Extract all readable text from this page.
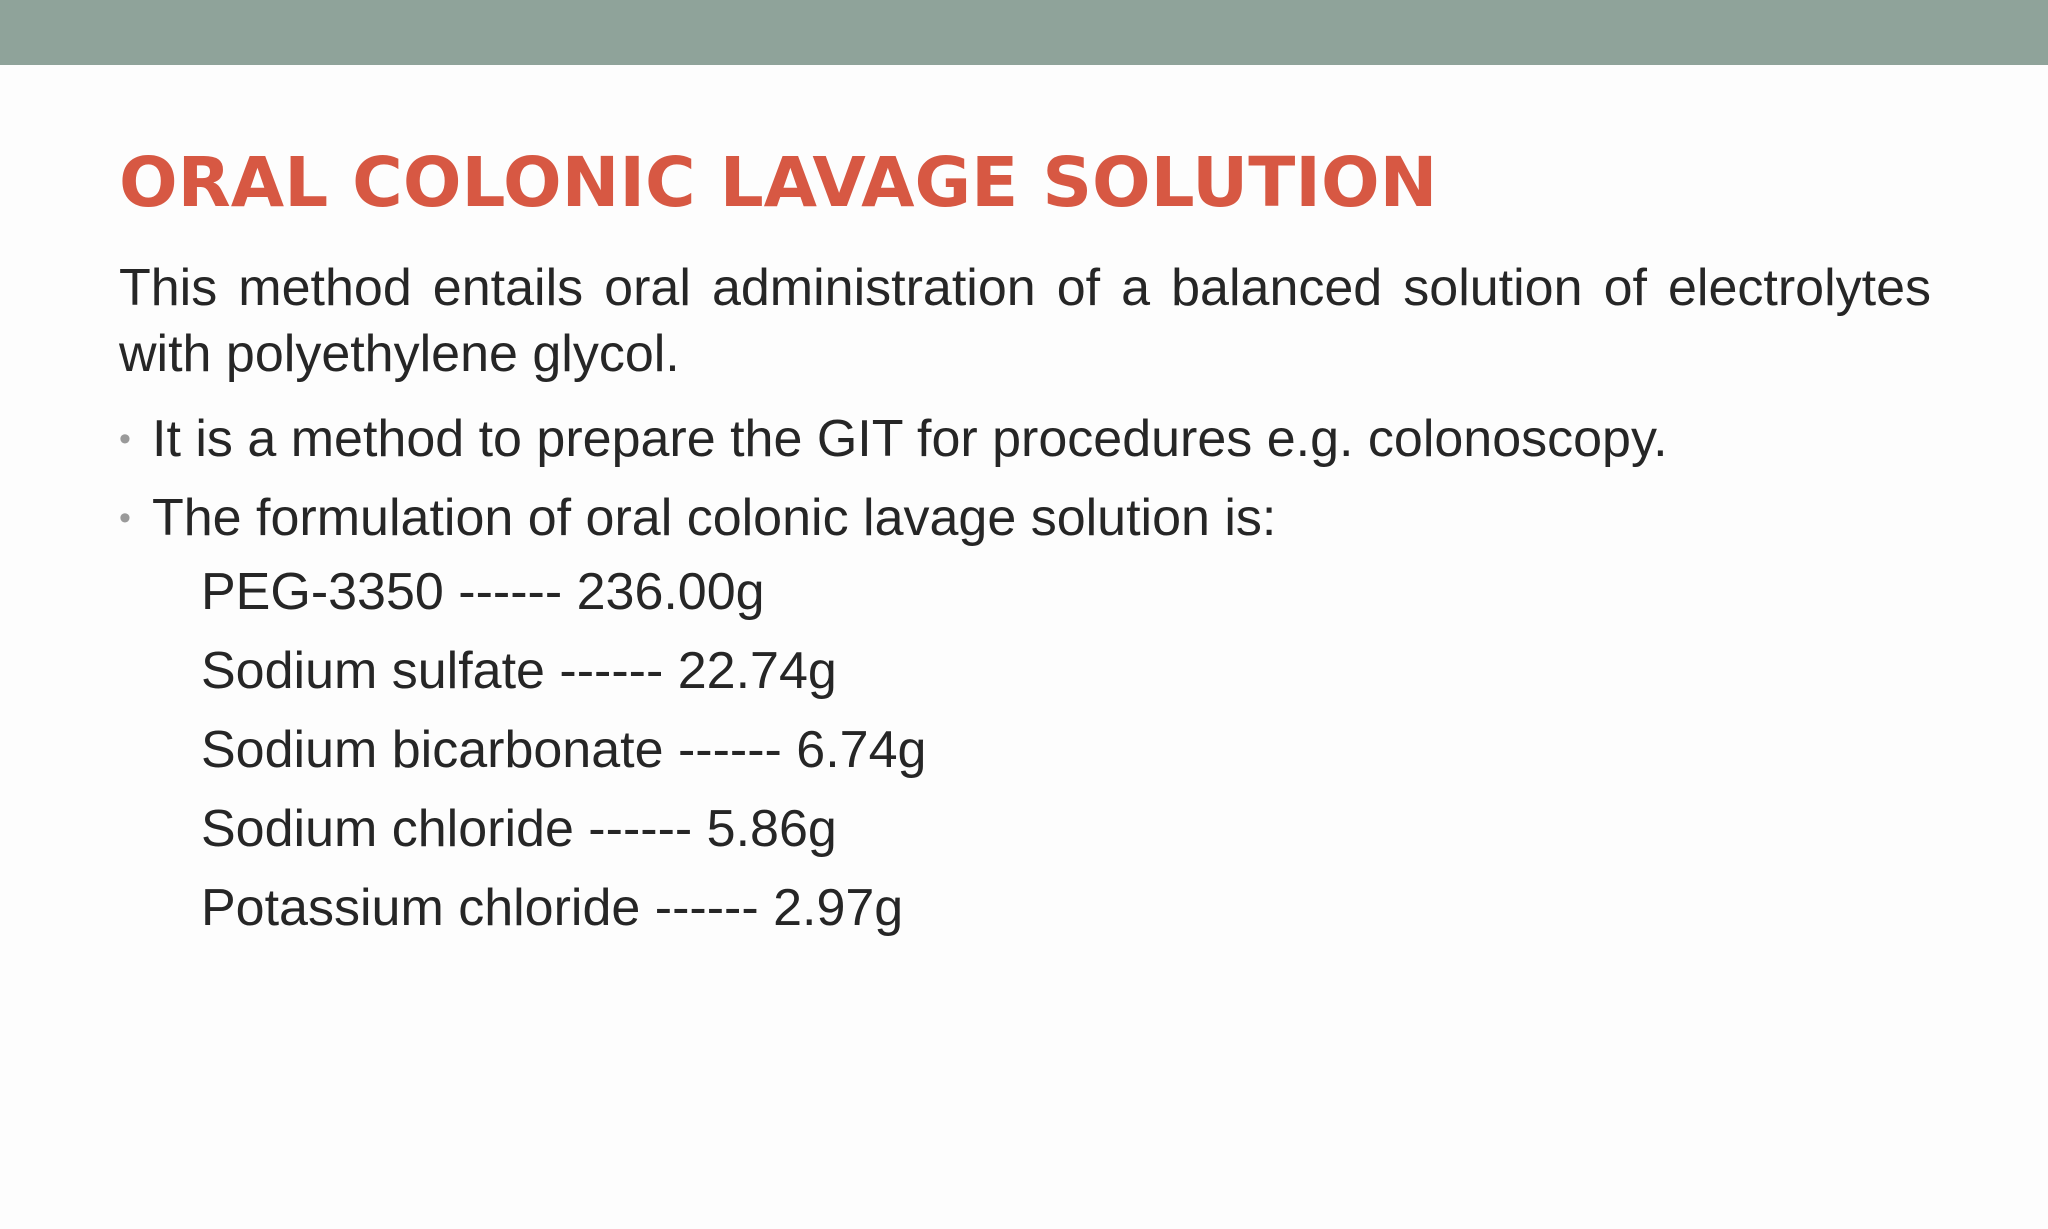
ORAL COLONIC LAVAGE SOLUTION

This method entails oral administration of a balanced solution of electrolytes with polyethylene glycol.

• It is a method to prepare the GIT for procedures e.g. colonoscopy.
• The formulation of oral colonic lavage solution is:
PEG-3350 ------ 236.00g
Sodium sulfate ------ 22.74g
Sodium bicarbonate ------ 6.74g
Sodium chloride ------ 5.86g
Potassium chloride ------ 2.97g
